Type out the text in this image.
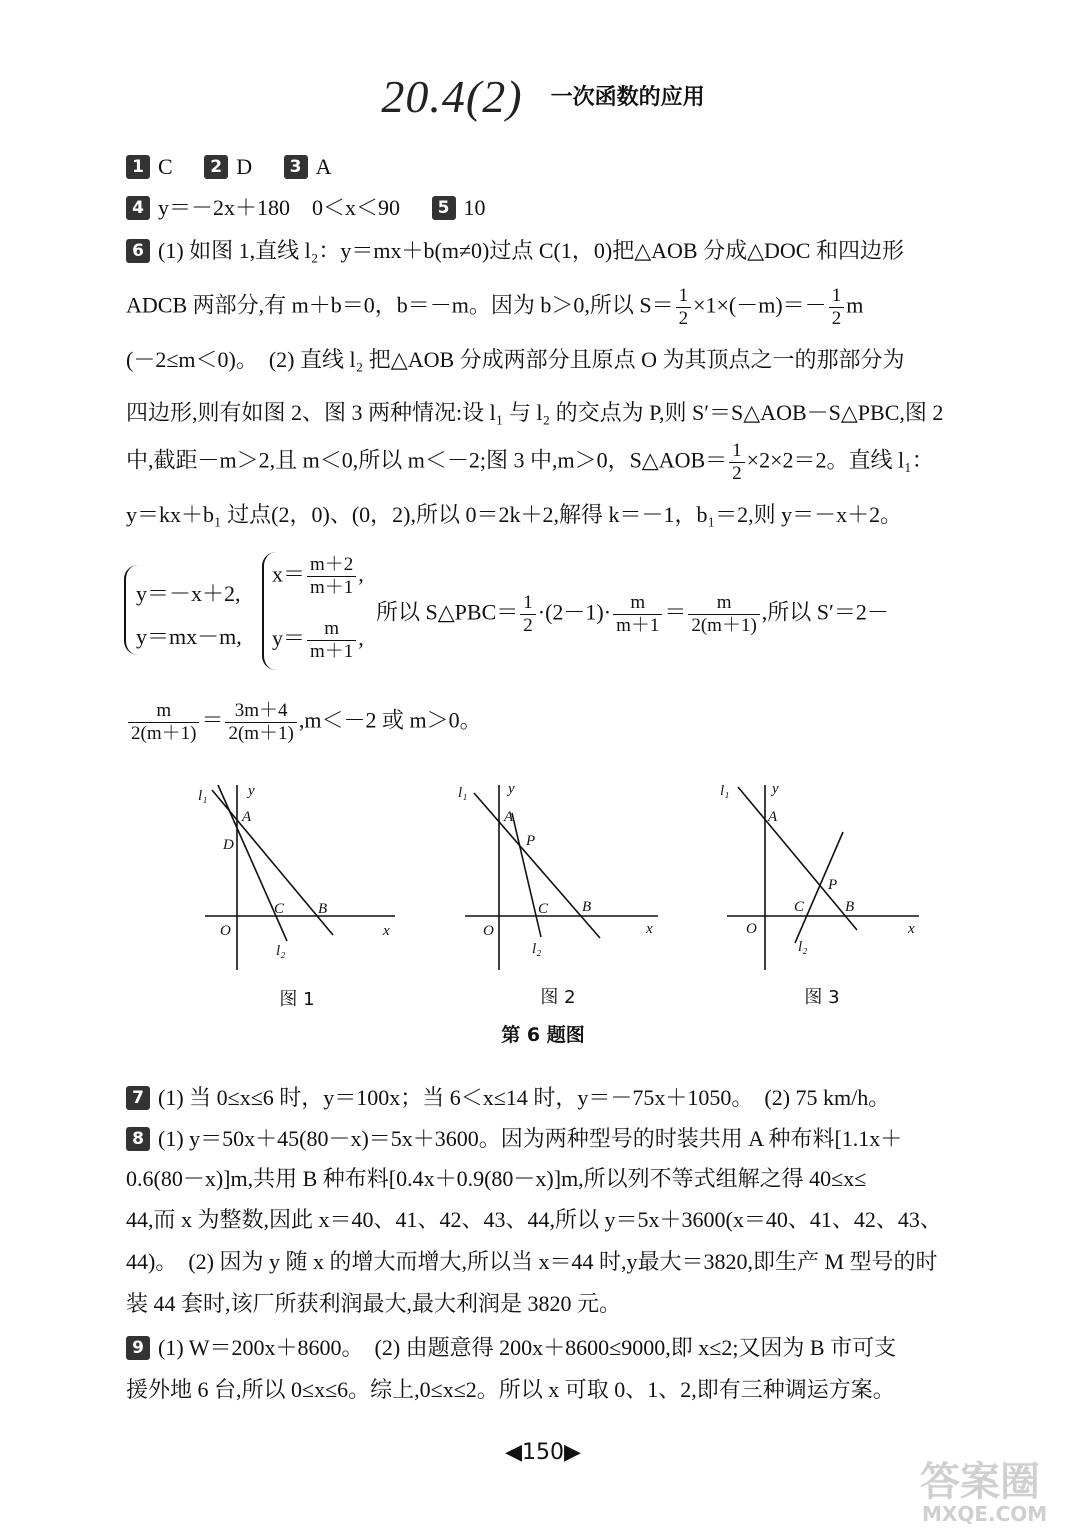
20.4(2) 一次函数的应用
1 C 2 D 3 A
4 y＝－2x＋180　0＜x＜90 5 10
6 (1) 如图 1,直线 l₂：y＝mx＋b(m≠0)过点 C(1，0)把△AOB 分成△DOC 和四边形
ADCB 两部分,有 m＋b＝0，b＝－m。因为 b＞0,所以 $S= \frac{1}{2} \times 1\times(-m)=- \frac{1}{2}$ m
(－2≤m＜0)。　(2) 直线 l₂ 把△AOB 分成两部分且原点 O 为其顶点之一的那部分为
四边形,则有如图 2、图 3 两种情况:设 l₁ 与 l₂ 的交点为 P,则 S′＝S△AOB－S△PBC,图 2
中,截距－m＞2,且 m＜0,所以 m＜－2;图 3 中,m＞0，S△AOB＝ $\frac{1}{2} \times 2\times 2=2$。直线 l₁：
y＝kx＋b₁ 过点(2，0)、(0，2),所以 0＝2k＋2,解得 k＝－1，b₁＝2,则 y＝－x＋2。
y＝－x＋2,
y＝mx－m,
$x= \frac{m+2}{m+1}$ ,
$y= \frac{m}{m+1}$ ,
所以 S△PBC＝ $\frac{1}{2} \cdot(2-1)\cdot \frac{m}{m+1} = \frac{m}{2(m+1)}$ ,所以 S′＝2－
$\frac{m}{2(m+1)} = \frac{3m+4}{2(m+1)} ,m<-2$ 或 m＞0。
l₁	y
A
D
C B
O	x
l₂
l₁	y
A
P
C B
O	x
l₂
l₁	y
A
P
C	B
O	x
l₂
图 1	图 2	图 3
第 6 题图
7 (1) 当 0≤x≤6 时，y＝100x；当 6＜x≤14 时，y＝－75x＋1050。　(2) 75 km/h。
8 (1) y＝50x＋45(80－x)＝5x＋3600。因为两种型号的时装共用 A 种布料[1.1x＋
0.6(80－x)]m,共用 B 种布料[0.4x＋0.9(80－x)]m,所以列不等式组解之得 40≤x≤
44,而 x 为整数,因此 x＝40、41、42、43、44,所以 y＝5x＋3600(x＝40、41、42、43、
44)。　(2) 因为 y 随 x 的增大而增大,所以当 x＝44 时,y最大＝3820,即生产 M 型号的时
装 44 套时,该厂所获利润最大,最大利润是 3820 元。
9 (1) W＝200x＋8600。　(2) 由题意得 200x＋8600≤9000,即 x≤2;又因为 B 市可支
援外地 6 台,所以 0≤x≤6。综上,0≤x≤2。所以 x 可取 0、1、2,即有三种调运方案。
◀150▶
答案圈
MXQE.COM
